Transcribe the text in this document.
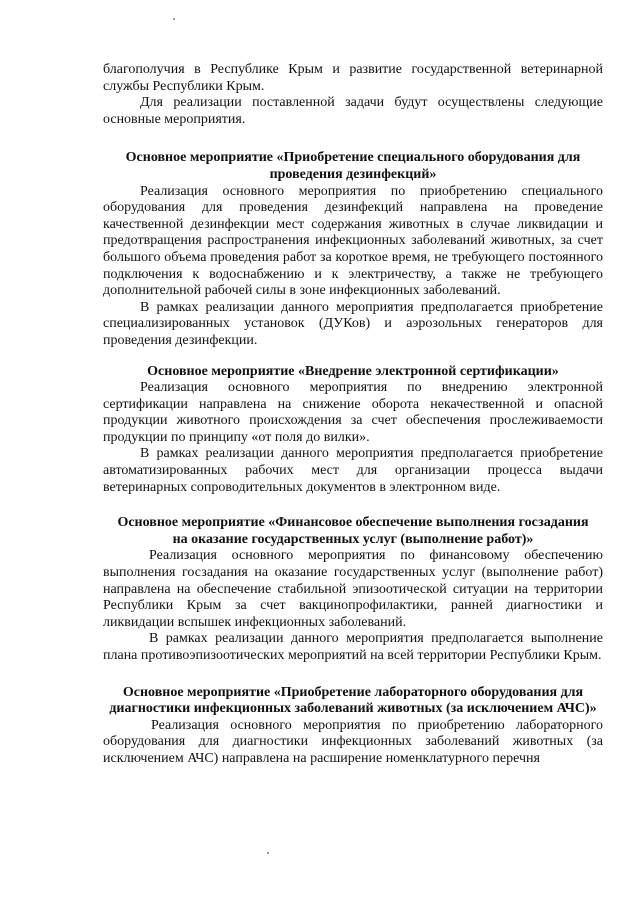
благополучия в Республике Крым и развитие государственной ветеринарной службы Республики Крым.

Для реализации поставленной задачи будут осуществлены следующие основные мероприятия.

Основное мероприятие «Приобретение специального оборудования для проведения дезинфекций»

Реализация основного мероприятия по приобретению специального оборудования для проведения дезинфекций направлена на проведение качественной дезинфекции мест содержания животных в случае ликвидации и предотвращения распространения инфекционных заболеваний животных, за счет большого объема проведения работ за короткое время, не требующего постоянного подключения к водоснабжению и к электричеству, а также не требующего дополнительной рабочей силы в зоне инфекционных заболеваний.

В рамках реализации данного мероприятия предполагается приобретение специализированных установок (ДУКов) и аэрозольных генераторов для проведения дезинфекции.

Основное мероприятие «Внедрение электронной сертификации»

Реализация основного мероприятия по внедрению электронной сертификации направлена на снижение оборота некачественной и опасной продукции животного происхождения за счет обеспечения прослеживаемости продукции по принципу «от поля до вилки».

В рамках реализации данного мероприятия предполагается приобретение автоматизированных рабочих мест для организации процесса выдачи ветеринарных сопроводительных документов в электронном виде.

Основное мероприятие «Финансовое обеспечение выполнения госзадания на оказание государственных услуг (выполнение работ)»

Реализация основного мероприятия по финансовому обеспечению выполнения госзадания на оказание государственных услуг (выполнение работ) направлена на обеспечение стабильной эпизоотической ситуации на территории Республики Крым за счет вакцинопрофилактики, ранней диагностики и ликвидации вспышек инфекционных заболеваний.

В рамках реализации данного мероприятия предполагается выполнение плана противоэпизоотических мероприятий на всей территории Республики Крым.

Основное мероприятие «Приобретение лабораторного оборудования для диагностики инфекционных заболеваний животных (за исключением АЧС)»

Реализация основного мероприятия по приобретению лабораторного оборудования для диагностики инфекционных заболеваний животных (за исключением АЧС) направлена на расширение номенклатурного перечня
